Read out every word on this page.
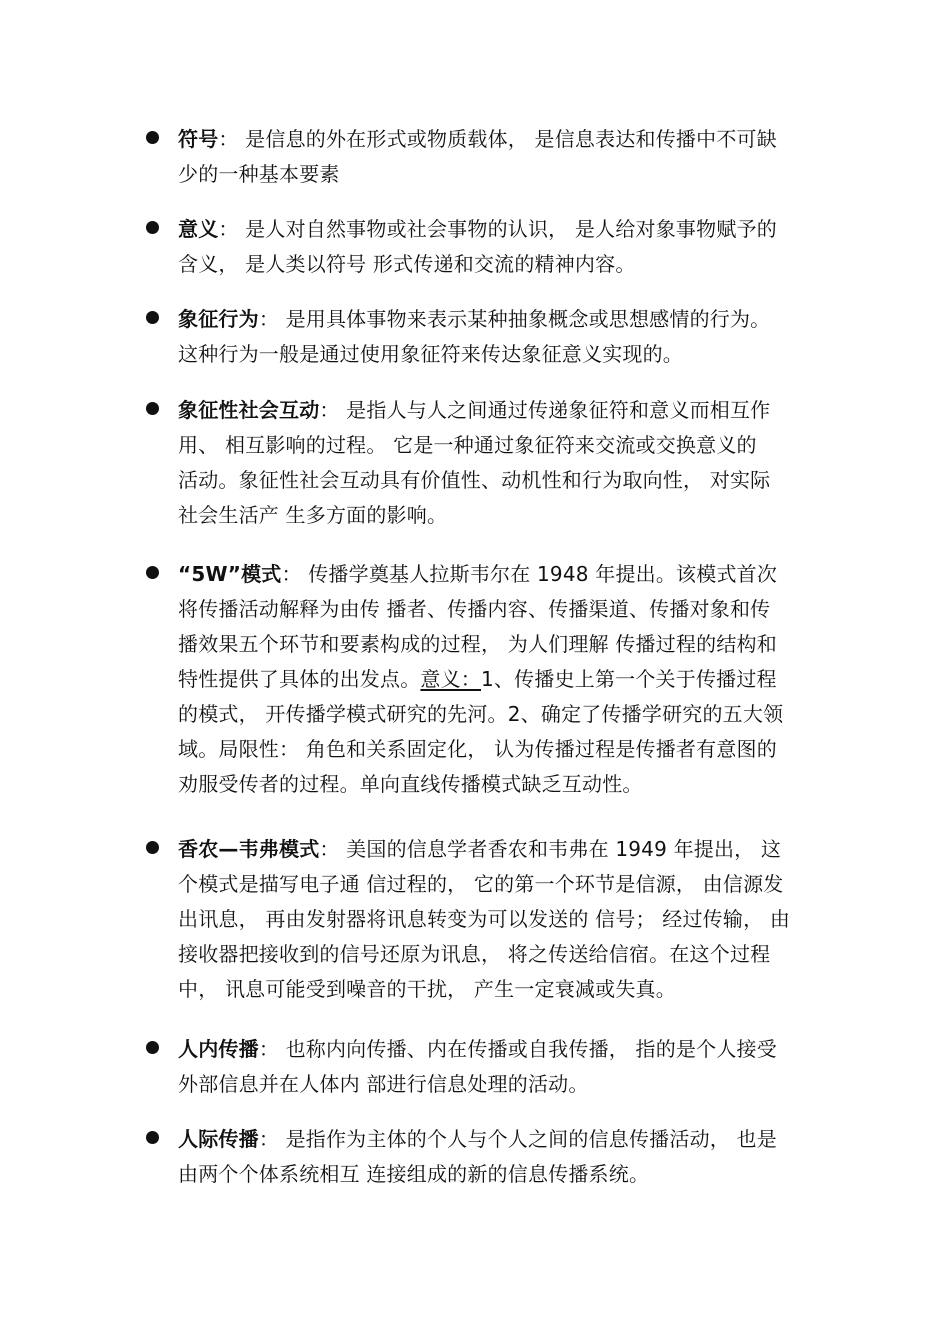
符号： 是信息的外在形式或物质载体， 是信息表达和传播中不可缺
少的一种基本要素
意义： 是人对自然事物或社会事物的认识， 是人给对象事物赋予的
含义， 是人类以符号 形式传递和交流的精神内容。
象征行为： 是用具体事物来表示某种抽象概念或思想感情的行为。
这种行为一般是通过使用象征符来传达象征意义实现的。
象征性社会互动： 是指人与人之间通过传递象征符和意义而相互作
用、 相互影响的过程。 它是一种通过象征符来交流或交换意义的
活动。象征性社会互动具有价值性、动机性和行为取向性， 对实际
社会生活产 生多方面的影响。
“5W”模式： 传播学奠基人拉斯韦尔在 1948 年提出。该模式首次
将传播活动解释为由传 播者、传播内容、传播渠道、传播对象和传
播效果五个环节和要素构成的过程， 为人们理解 传播过程的结构和
特性提供了具体的出发点。意义：1、传播史上第一个关于传播过程
的模式， 开传播学模式研究的先河。2、确定了传播学研究的五大领
域。局限性： 角色和关系固定化， 认为传播过程是传播者有意图的
劝服受传者的过程。单向直线传播模式缺乏互动性。
香农—韦弗模式： 美国的信息学者香农和韦弗在 1949 年提出， 这
个模式是描写电子通 信过程的， 它的第一个环节是信源， 由信源发
出讯息， 再由发射器将讯息转变为可以发送的 信号； 经过传输， 由
接收器把接收到的信号还原为讯息， 将之传送给信宿。在这个过程
中， 讯息可能受到噪音的干扰， 产生一定衰减或失真。
人内传播： 也称内向传播、内在传播或自我传播， 指的是个人接受
外部信息并在人体内 部进行信息处理的活动。
人际传播： 是指作为主体的个人与个人之间的信息传播活动， 也是
由两个个体系统相互 连接组成的新的信息传播系统。
